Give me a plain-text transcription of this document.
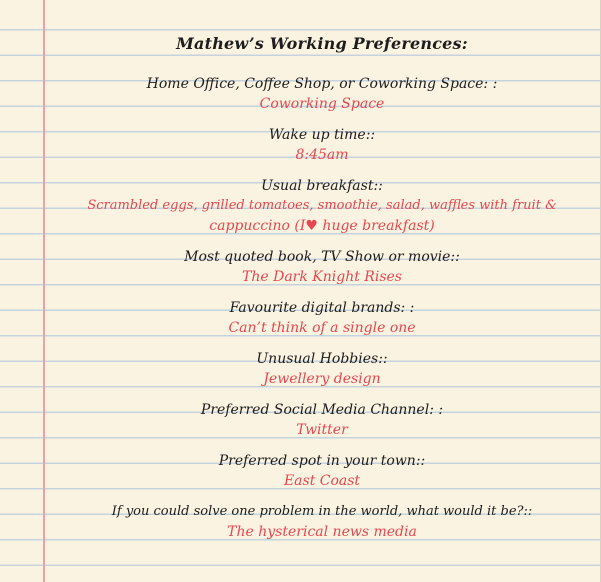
Mathew’s Working Preferences:
Home Office, Coffee Shop, or Coworking Space: :
Coworking Space
Wake up time::
8:45am
Usual breakfast::
Scrambled eggs, grilled tomatoes, smoothie, salad, waffles with fruit &
cappuccino (I♥ huge breakfast)
Most quoted book, TV Show or movie::
The Dark Knight Rises
Favourite digital brands: :
Can’t think of a single one
Unusual Hobbies::
Jewellery design
Preferred Social Media Channel: :
Twitter
Preferred spot in your town::
East Coast
If you could solve one problem in the world, what would it be?::
The hysterical news media
